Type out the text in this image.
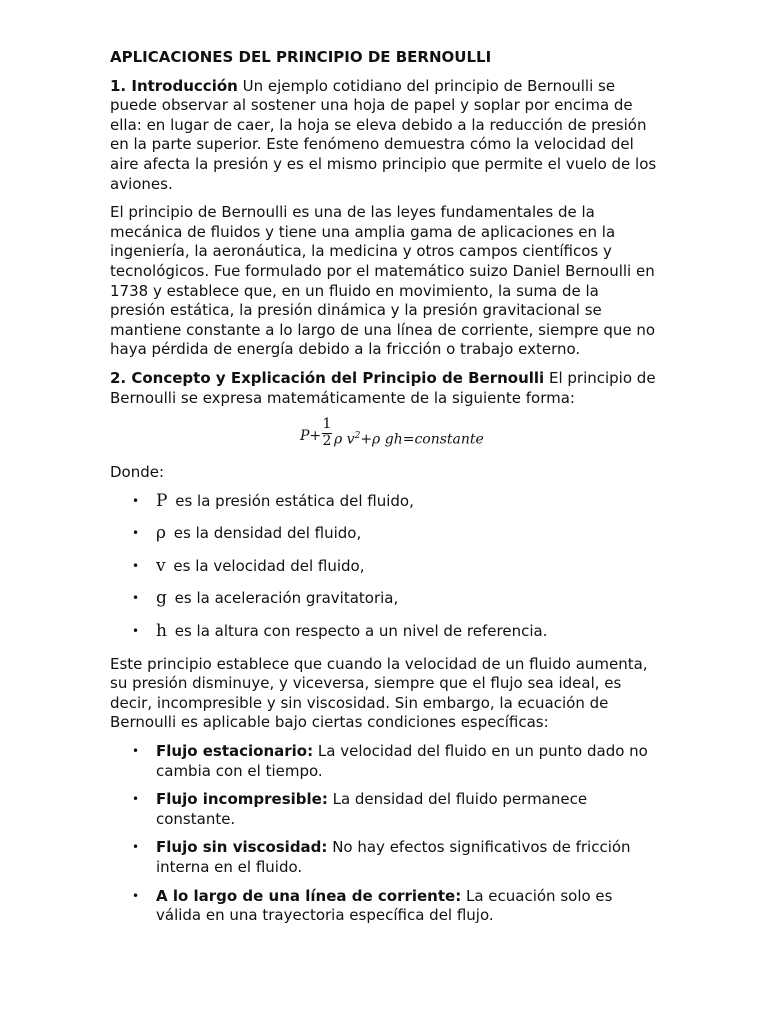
APLICACIONES DEL PRINCIPIO DE BERNOULLI

1. Introducción Un ejemplo cotidiano del principio de Bernoulli se puede observar al sostener una hoja de papel y soplar por encima de ella: en lugar de caer, la hoja se eleva debido a la reducción de presión en la parte superior. Este fenómeno demuestra cómo la velocidad del aire afecta la presión y es el mismo principio que permite el vuelo de los aviones.

El principio de Bernoulli es una de las leyes fundamentales de la mecánica de fluidos y tiene una amplia gama de aplicaciones en la ingeniería, la aeronáutica, la medicina y otros campos científicos y tecnológicos. Fue formulado por el matemático suizo Daniel Bernoulli en 1738 y establece que, en un fluido en movimiento, la suma de la presión estática, la presión dinámica y la presión gravitacional se mantiene constante a lo largo de una línea de corriente, siempre que no haya pérdida de energía debido a la fricción o trabajo externo.

2. Concepto y Explicación del Principio de Bernoulli El principio de Bernoulli se expresa matemáticamente de la siguiente forma:

P+
1
2 ρ $v^2+\rho$ gh=constante

Donde:

• P es la presión estática del fluido,
• ρ es la densidad del fluido,
• v es la velocidad del fluido,
• g es la aceleración gravitatoria,
• h es la altura con respecto a un nivel de referencia.

Este principio establece que cuando la velocidad de un fluido aumenta, su presión disminuye, y viceversa, siempre que el flujo sea ideal, es decir, incompresible y sin viscosidad. Sin embargo, la ecuación de Bernoulli es aplicable bajo ciertas condiciones específicas:

• Flujo estacionario: La velocidad del fluido en un punto dado no cambia con el tiempo.
• Flujo incompresible: La densidad del fluido permanece constante.
• Flujo sin viscosidad: No hay efectos significativos de fricción interna en el fluido.
• A lo largo de una línea de corriente: La ecuación solo es válida en una trayectoria específica del flujo.
